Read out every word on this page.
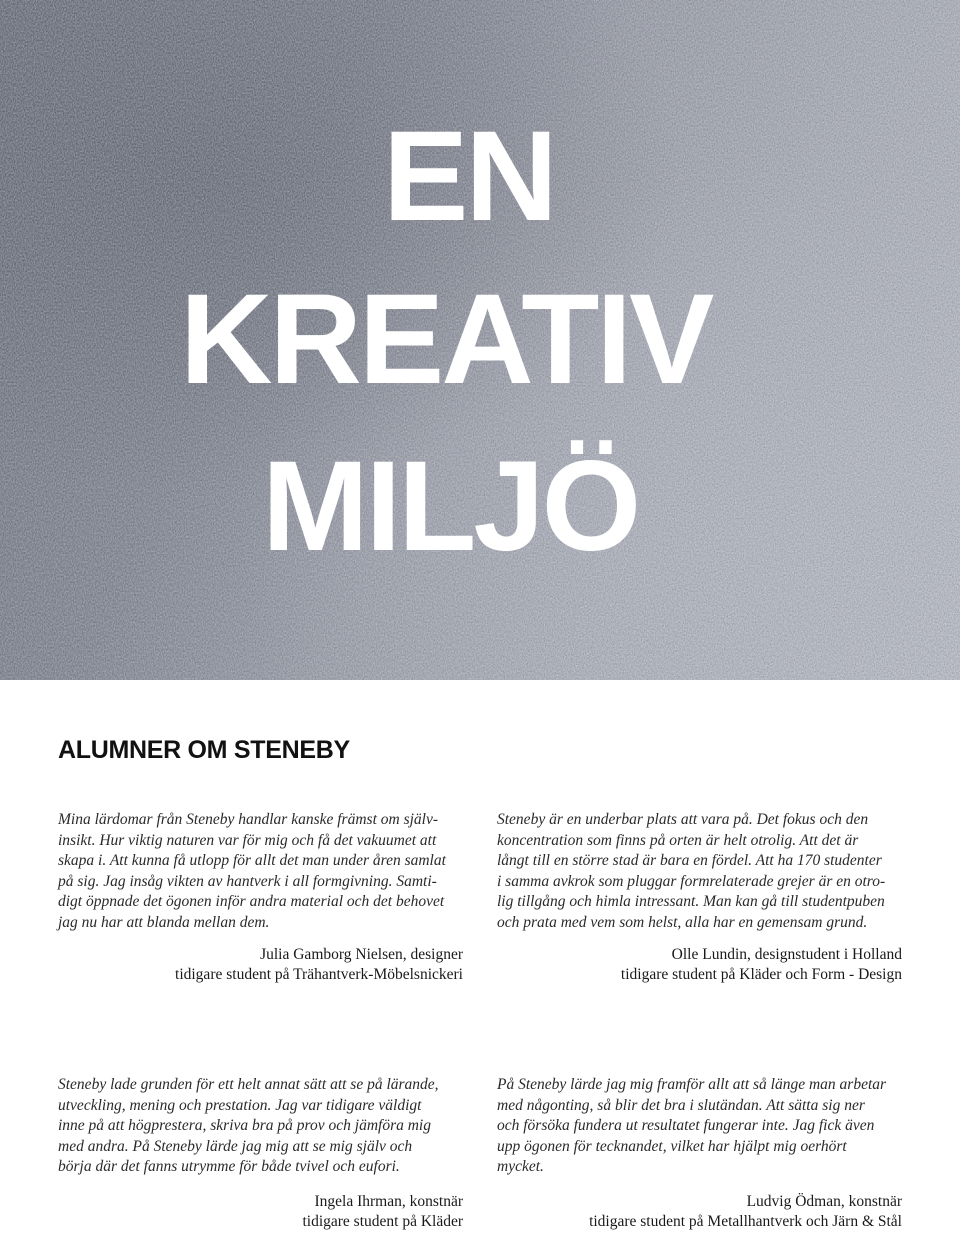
EN
KREATIV
MILJÖ
ALUMNER OM STENEBY

Mina lärdomar från Steneby handlar kanske främst om själv-

insikt. Hur viktig naturen var för mig och få det vakuumet att

skapa i. Att kunna få utlopp för allt det man under åren samlat

på sig. Jag insåg vikten av hantverk i all formgivning. Samti-

digt öppnade det ögonen inför andra material och det behovet

jag nu har att blanda mellan dem.

Julia Gamborg Nielsen, designer
tidigare student på Trähantverk-Möbelsnickeri

Steneby är en underbar plats att vara på. Det fokus och den

koncentration som finns på orten är helt otrolig. Att det är

långt till en större stad är bara en fördel. Att ha 170 studenter

i samma avkrok som pluggar formrelaterade grejer är en otro-

lig tillgång och himla intressant. Man kan gå till studentpuben

och prata med vem som helst, alla har en gemensam grund.

Olle Lundin, designstudent i Holland
tidigare student på Kläder och Form - Design

Steneby lade grunden för ett helt annat sätt att se på lärande,

utveckling, mening och prestation. Jag var tidigare väldigt

inne på att högprestera, skriva bra på prov och jämföra mig

med andra. På Steneby lärde jag mig att se mig själv och

börja där det fanns utrymme för både tvivel och eufori.

Ingela Ihrman, konstnär
tidigare student på Kläder

På Steneby lärde jag mig framför allt att så länge man arbetar

med någonting, så blir det bra i slutändan. Att sätta sig ner

och försöka fundera ut resultatet fungerar inte. Jag fick även

upp ögonen för tecknandet, vilket har hjälpt mig oerhört

mycket.

Ludvig Ödman, konstnär
tidigare student på Metallhantverk och Järn & Stål
